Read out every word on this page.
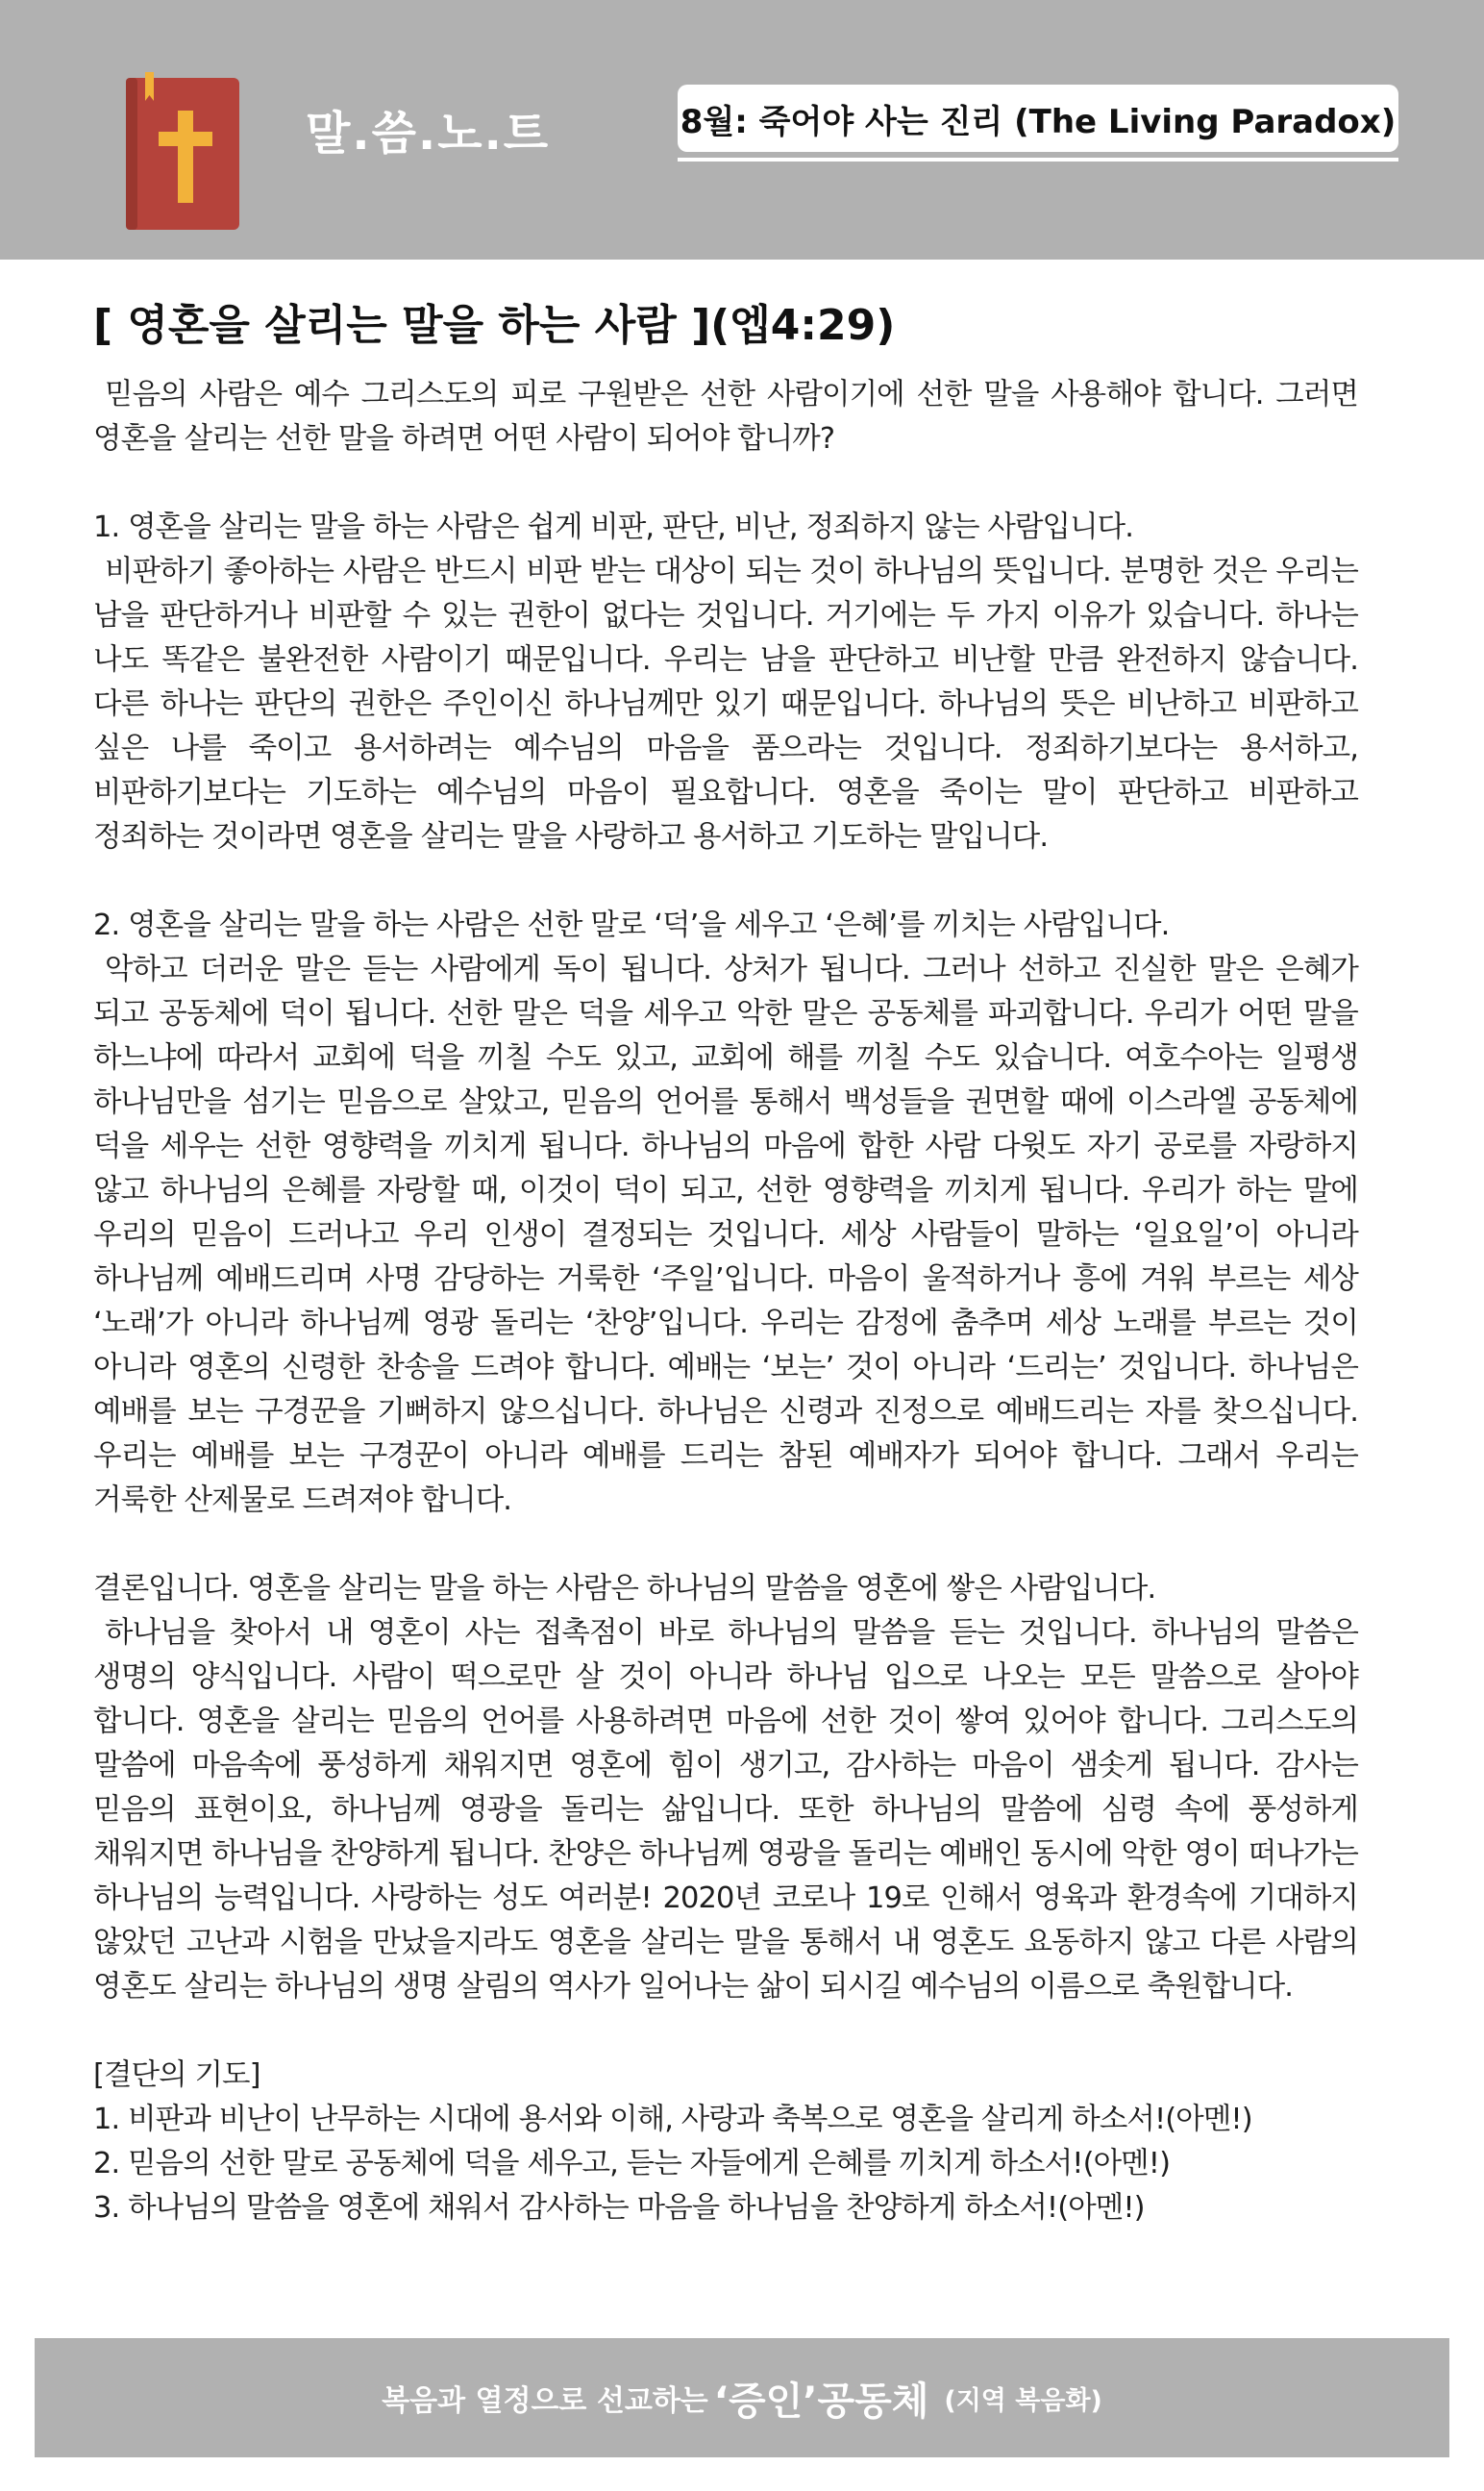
말.씀.노.트	8월: 죽어야 사는 진리 (The Living Paradox)
[ 영혼을 살리는 말을 하는 사람 ](엡4:29)

믿음의 사람은 예수 그리스도의 피로 구원받은 선한 사람이기에 선한 말을 사용해야 합니다. 그러면 영혼을 살리는 선한 말을 하려면 어떤 사람이 되어야 합니까?

1. 영혼을 살리는 말을 하는 사람은 쉽게 비판, 판단, 비난, 정죄하지 않는 사람입니다.

비판하기 좋아하는 사람은 반드시 비판 받는 대상이 되는 것이 하나님의 뜻입니다. 분명한 것은 우리는 남을 판단하거나 비판할 수 있는 권한이 없다는 것입니다. 거기에는 두 가지 이유가 있습니다. 하나는 나도 똑같은 불완전한 사람이기 때문입니다. 우리는 남을 판단하고 비난할 만큼 완전하지 않습니다. 다른 하나는 판단의 권한은 주인이신 하나님께만 있기 때문입니다. 하나님의 뜻은 비난하고 비판하고 싶은 나를 죽이고 용서하려는 예수님의 마음을 품으라는 것입니다. 정죄하기보다는 용서하고, 비판하기보다는 기도하는 예수님의 마음이 필요합니다. 영혼을 죽이는 말이 판단하고 비판하고 정죄하는 것이라면 영혼을 살리는 말을 사랑하고 용서하고 기도하는 말입니다.

2. 영혼을 살리는 말을 하는 사람은 선한 말로 ‘덕’을 세우고 ‘은혜’를 끼치는 사람입니다.

악하고 더러운 말은 듣는 사람에게 독이 됩니다. 상처가 됩니다. 그러나 선하고 진실한 말은 은혜가 되고 공동체에 덕이 됩니다. 선한 말은 덕을 세우고 악한 말은 공동체를 파괴합니다. 우리가 어떤 말을 하느냐에 따라서 교회에 덕을 끼칠 수도 있고, 교회에 해를 끼칠 수도 있습니다. 여호수아는 일평생 하나님만을 섬기는 믿음으로 살았고, 믿음의 언어를 통해서 백성들을 권면할 때에 이스라엘 공동체에 덕을 세우는 선한 영향력을 끼치게 됩니다. 하나님의 마음에 합한 사람 다윗도 자기 공로를 자랑하지 않고 하나님의 은혜를 자랑할 때, 이것이 덕이 되고, 선한 영향력을 끼치게 됩니다. 우리가 하는 말에 우리의 믿음이 드러나고 우리 인생이 결정되는 것입니다. 세상 사람들이 말하는 ‘일요일’이 아니라 하나님께 예배드리며 사명 감당하는 거룩한 ‘주일’입니다. 마음이 울적하거나 흥에 겨워 부르는 세상 ‘노래’가 아니라 하나님께 영광 돌리는 ‘찬양’입니다. 우리는 감정에 춤추며 세상 노래를 부르는 것이 아니라 영혼의 신령한 찬송을 드려야 합니다. 예배는 ‘보는’ 것이 아니라 ‘드리는’ 것입니다. 하나님은 예배를 보는 구경꾼을 기뻐하지 않으십니다. 하나님은 신령과 진정으로 예배드리는 자를 찾으십니다. 우리는 예배를 보는 구경꾼이 아니라 예배를 드리는 참된 예배자가 되어야 합니다. 그래서 우리는 거룩한 산제물로 드려져야 합니다.

결론입니다. 영혼을 살리는 말을 하는 사람은 하나님의 말씀을 영혼에 쌓은 사람입니다.

하나님을 찾아서 내 영혼이 사는 접촉점이 바로 하나님의 말씀을 듣는 것입니다. 하나님의 말씀은 생명의 양식입니다. 사람이 떡으로만 살 것이 아니라 하나님 입으로 나오는 모든 말씀으로 살아야 합니다. 영혼을 살리는 믿음의 언어를 사용하려면 마음에 선한 것이 쌓여 있어야 합니다. 그리스도의 말씀에 마음속에 풍성하게 채워지면 영혼에 힘이 생기고, 감사하는 마음이 샘솟게 됩니다. 감사는 믿음의 표현이요, 하나님께 영광을 돌리는 삶입니다. 또한 하나님의 말씀에 심령 속에 풍성하게 채워지면 하나님을 찬양하게 됩니다. 찬양은 하나님께 영광을 돌리는 예배인 동시에 악한 영이 떠나가는 하나님의 능력입니다. 사랑하는 성도 여러분! 2020년 코로나 19로 인해서 영육과 환경속에 기대하지 않았던 고난과 시험을 만났을지라도 영혼을 살리는 말을 통해서 내 영혼도 요동하지 않고 다른 사람의 영혼도 살리는 하나님의 생명 살림의 역사가 일어나는 삶이 되시길 예수님의 이름으로 축원합니다.

[결단의 기도]
1. 비판과 비난이 난무하는 시대에 용서와 이해, 사랑과 축복으로 영혼을 살리게 하소서!(아멘!)
2. 믿음의 선한 말로 공동체에 덕을 세우고, 듣는 자들에게 은혜를 끼치게 하소서!(아멘!)
3. 하나님의 말씀을 영혼에 채워서 감사하는 마음을 하나님을 찬양하게 하소서!(아멘!)
복음과 열정으로 선교하는 ‘증인’공동체 (지역 복음화)
